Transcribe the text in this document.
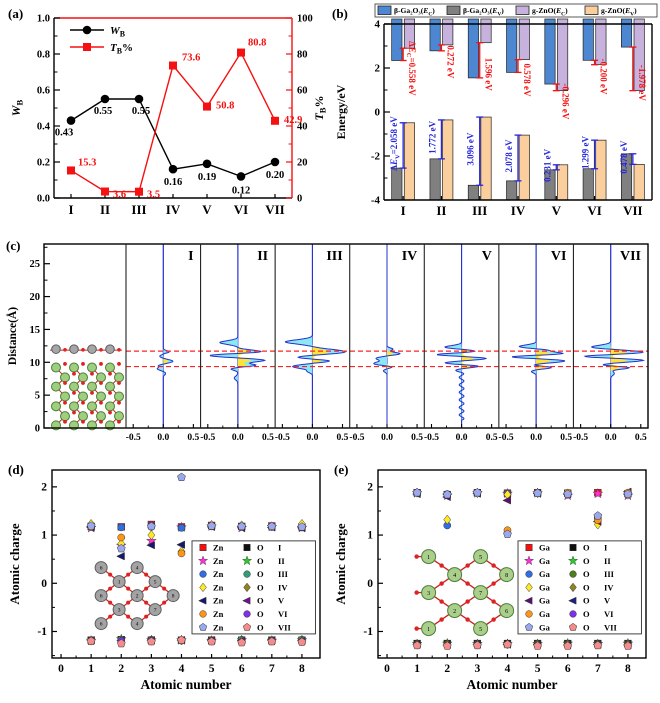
(a)
0.0
0.2
0.4
0.6
0.8
1.0
0
20
40
60
80
100
I II III IV V VI VII
WB
TB%
0.43
0.55 0.55
0.16 0.19
0.12
0.20
15.3
3.6 3.5
73.6
50.8
80.8
42.9
$W_B$
$T_B\%$
(b)
-4
-2
0
2
4
I II III IV V VI VII
Energy/eV
$\Delta E_C=0.558$ eV
$\Delta E_V=2.058$ eV
0.272 eV
1.772 eV
1.596 eV
3.096 eV
0.578 eV
2.078 eV
-0.296 eV
0.231 eV
-0.200 eV
1.299 eV
-1.978 eV
0.478 eV
$\beta-Ga_2O_3(E_C)$	$\beta-Ga_2O_3(E_V)$	$g-ZnO(E_C)$	$g-ZnO(E_V)$
(c)
-0.5 0.0 0.5
I
-0.5 0.0 0.5
II
-0.5 0.0 0.5
III
-0.5 0.0 0.5
IV
-0.5 0.0 0.5
V
-0.5 0.0 0.5
VI
-0.5 0.0 0.5
VII
0
5
10
15
20
25
Distance(Å)
(d)
6	4
1	5
6	2	8
3	7
6	4
0 1 2 3 4 5 6 7 8
-1
0
1
2
Atomic number
Atomic charge	Zn	O I
Zn	O II
Zn	O III
Zn	O IV
Zn	O V
Zn	O VI
Zn	O VII
(e)
1	5
4
3	7
8
2	6
1	5
0 1 2 3 4 5 6 7 8
-1
0
1
2
Atomic number
Atomic charge	Ga	O I
Ga	O II
Ga	O III
Ga	O IV
Ga	O V
Ga	O VI
Ga	O VII
